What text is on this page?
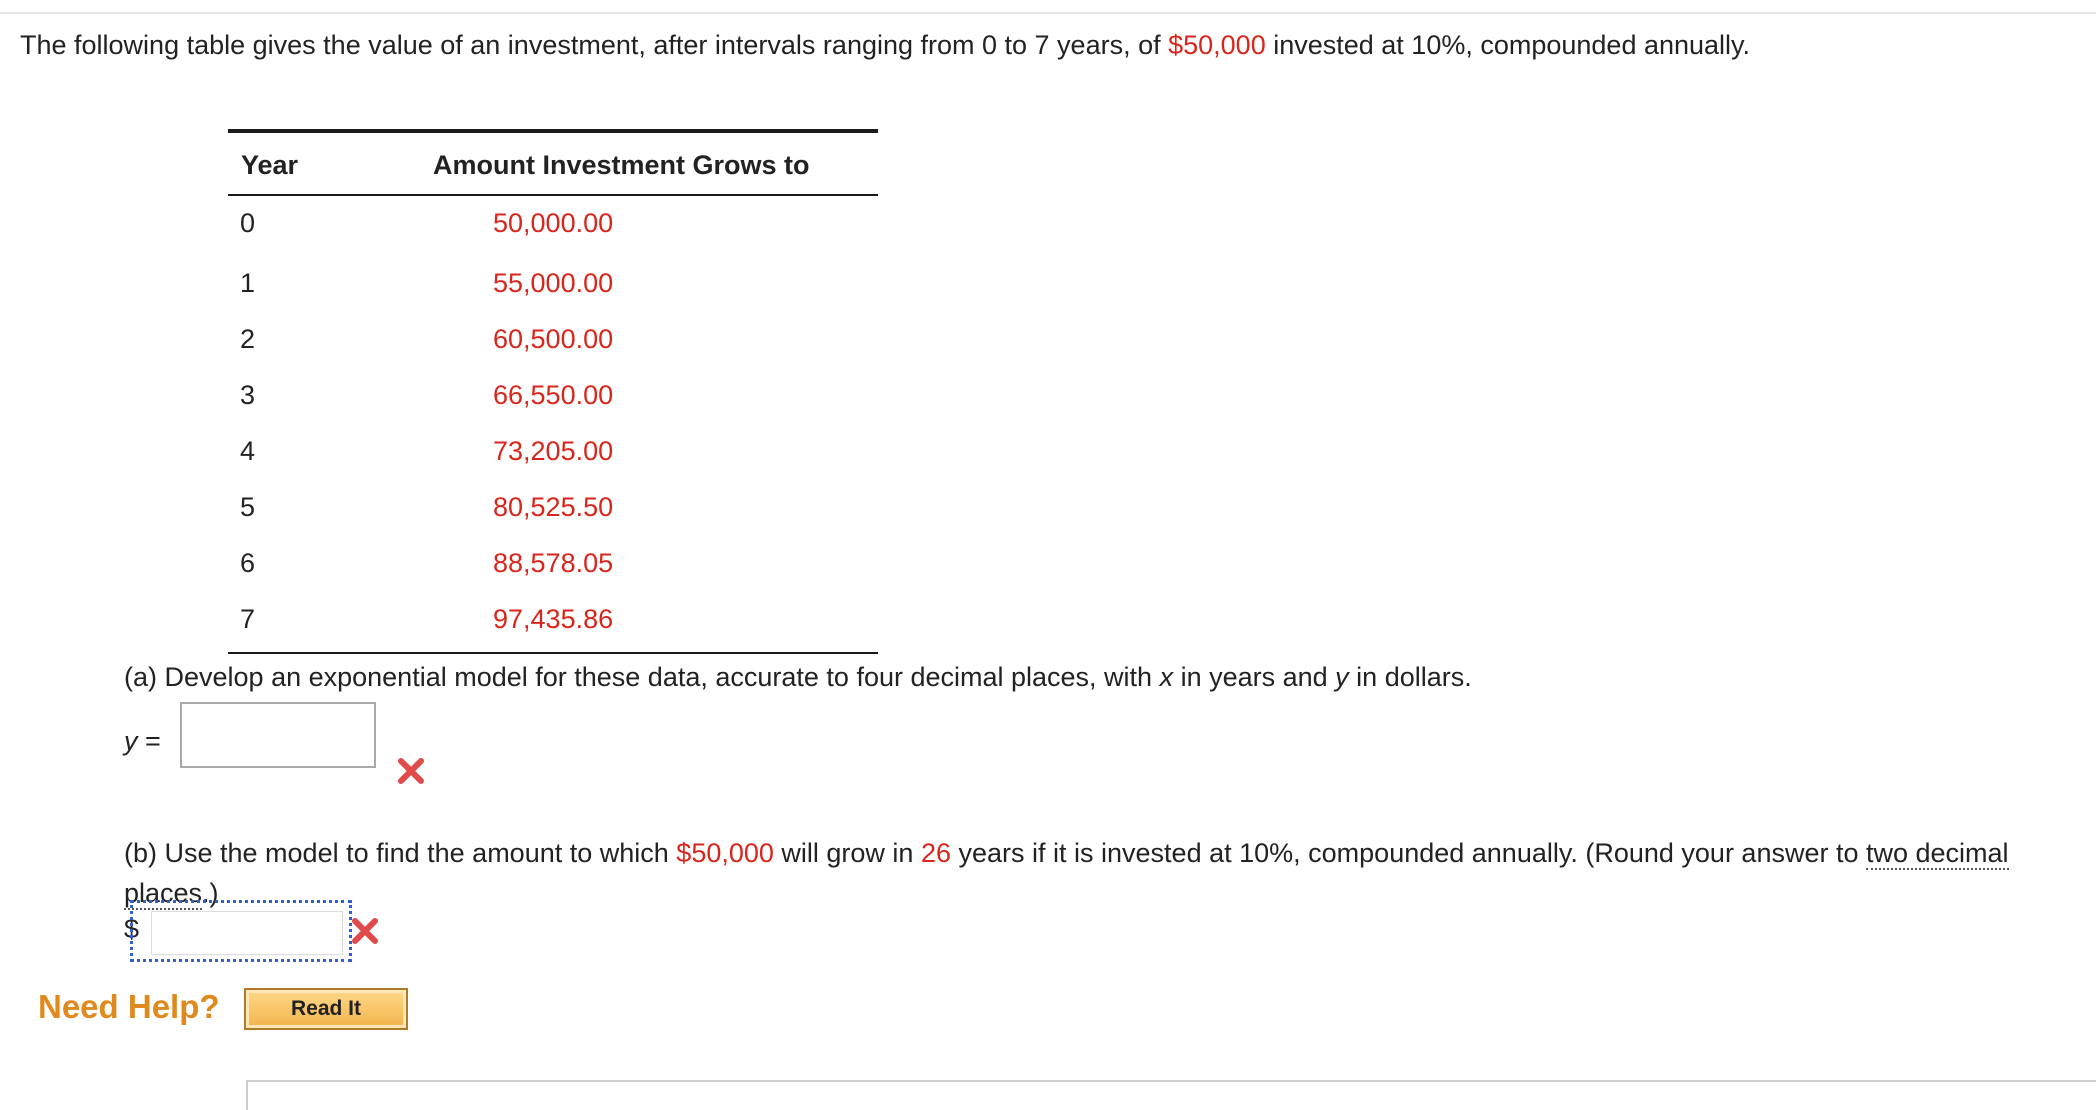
The following table gives the value of an investment, after intervals ranging from 0 to 7 years, of $50,000 invested at 10%, compounded annually.
Year	Amount Investment Grows to
0	50,000.00
1	55,000.00
2	60,500.00
3	66,550.00
4	73,205.00
5	80,525.50
6	88,578.05
7	97,435.86
(a) Develop an exponential model for these data, accurate to four decimal places, with x in years and y in dollars.
y =
(b) Use the model to find the amount to which $50,000 will grow in 26 years if it is invested at 10%, compounded annually. (Round your answer to two decimal places.)
$
Need Help?	Read It
